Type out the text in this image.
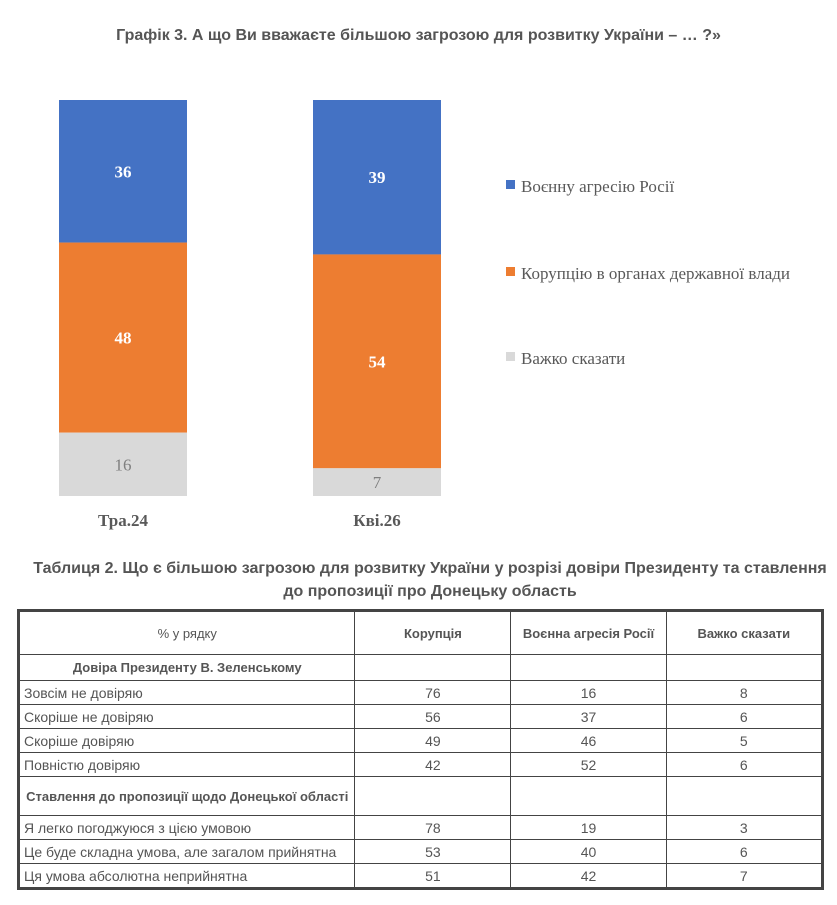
Графік 3. А що Ви вважаєте більшою загрозою для розвитку України – … ?»
36
48
16
Тра.24
39
54
7
Кві.26
Воєнну агресію Росії
Корупцію в органах державної влади
Важко сказати
Таблиця 2. Що є більшою загрозою для розвитку України у розрізі довіри Президенту та ставлення до пропозиції про Донецьку область
% у рядку	Корупція	Воєнна агресія Росії	Важко сказати
Довіра Президенту В. Зеленському			
Зовсім не довіряю	76	16	8
Скоріше не довіряю	56	37	6
Скоріше довіряю	49	46	5
Повністю довіряю	42	52	6
Ставлення до пропозиції щодо Донецької області			
Я легко погоджуюся з цією умовою	78	19	3
Це буде складна умова, але загалом прийнятна	53	40	6
Ця умова абсолютна неприйнятна	51	42	7
